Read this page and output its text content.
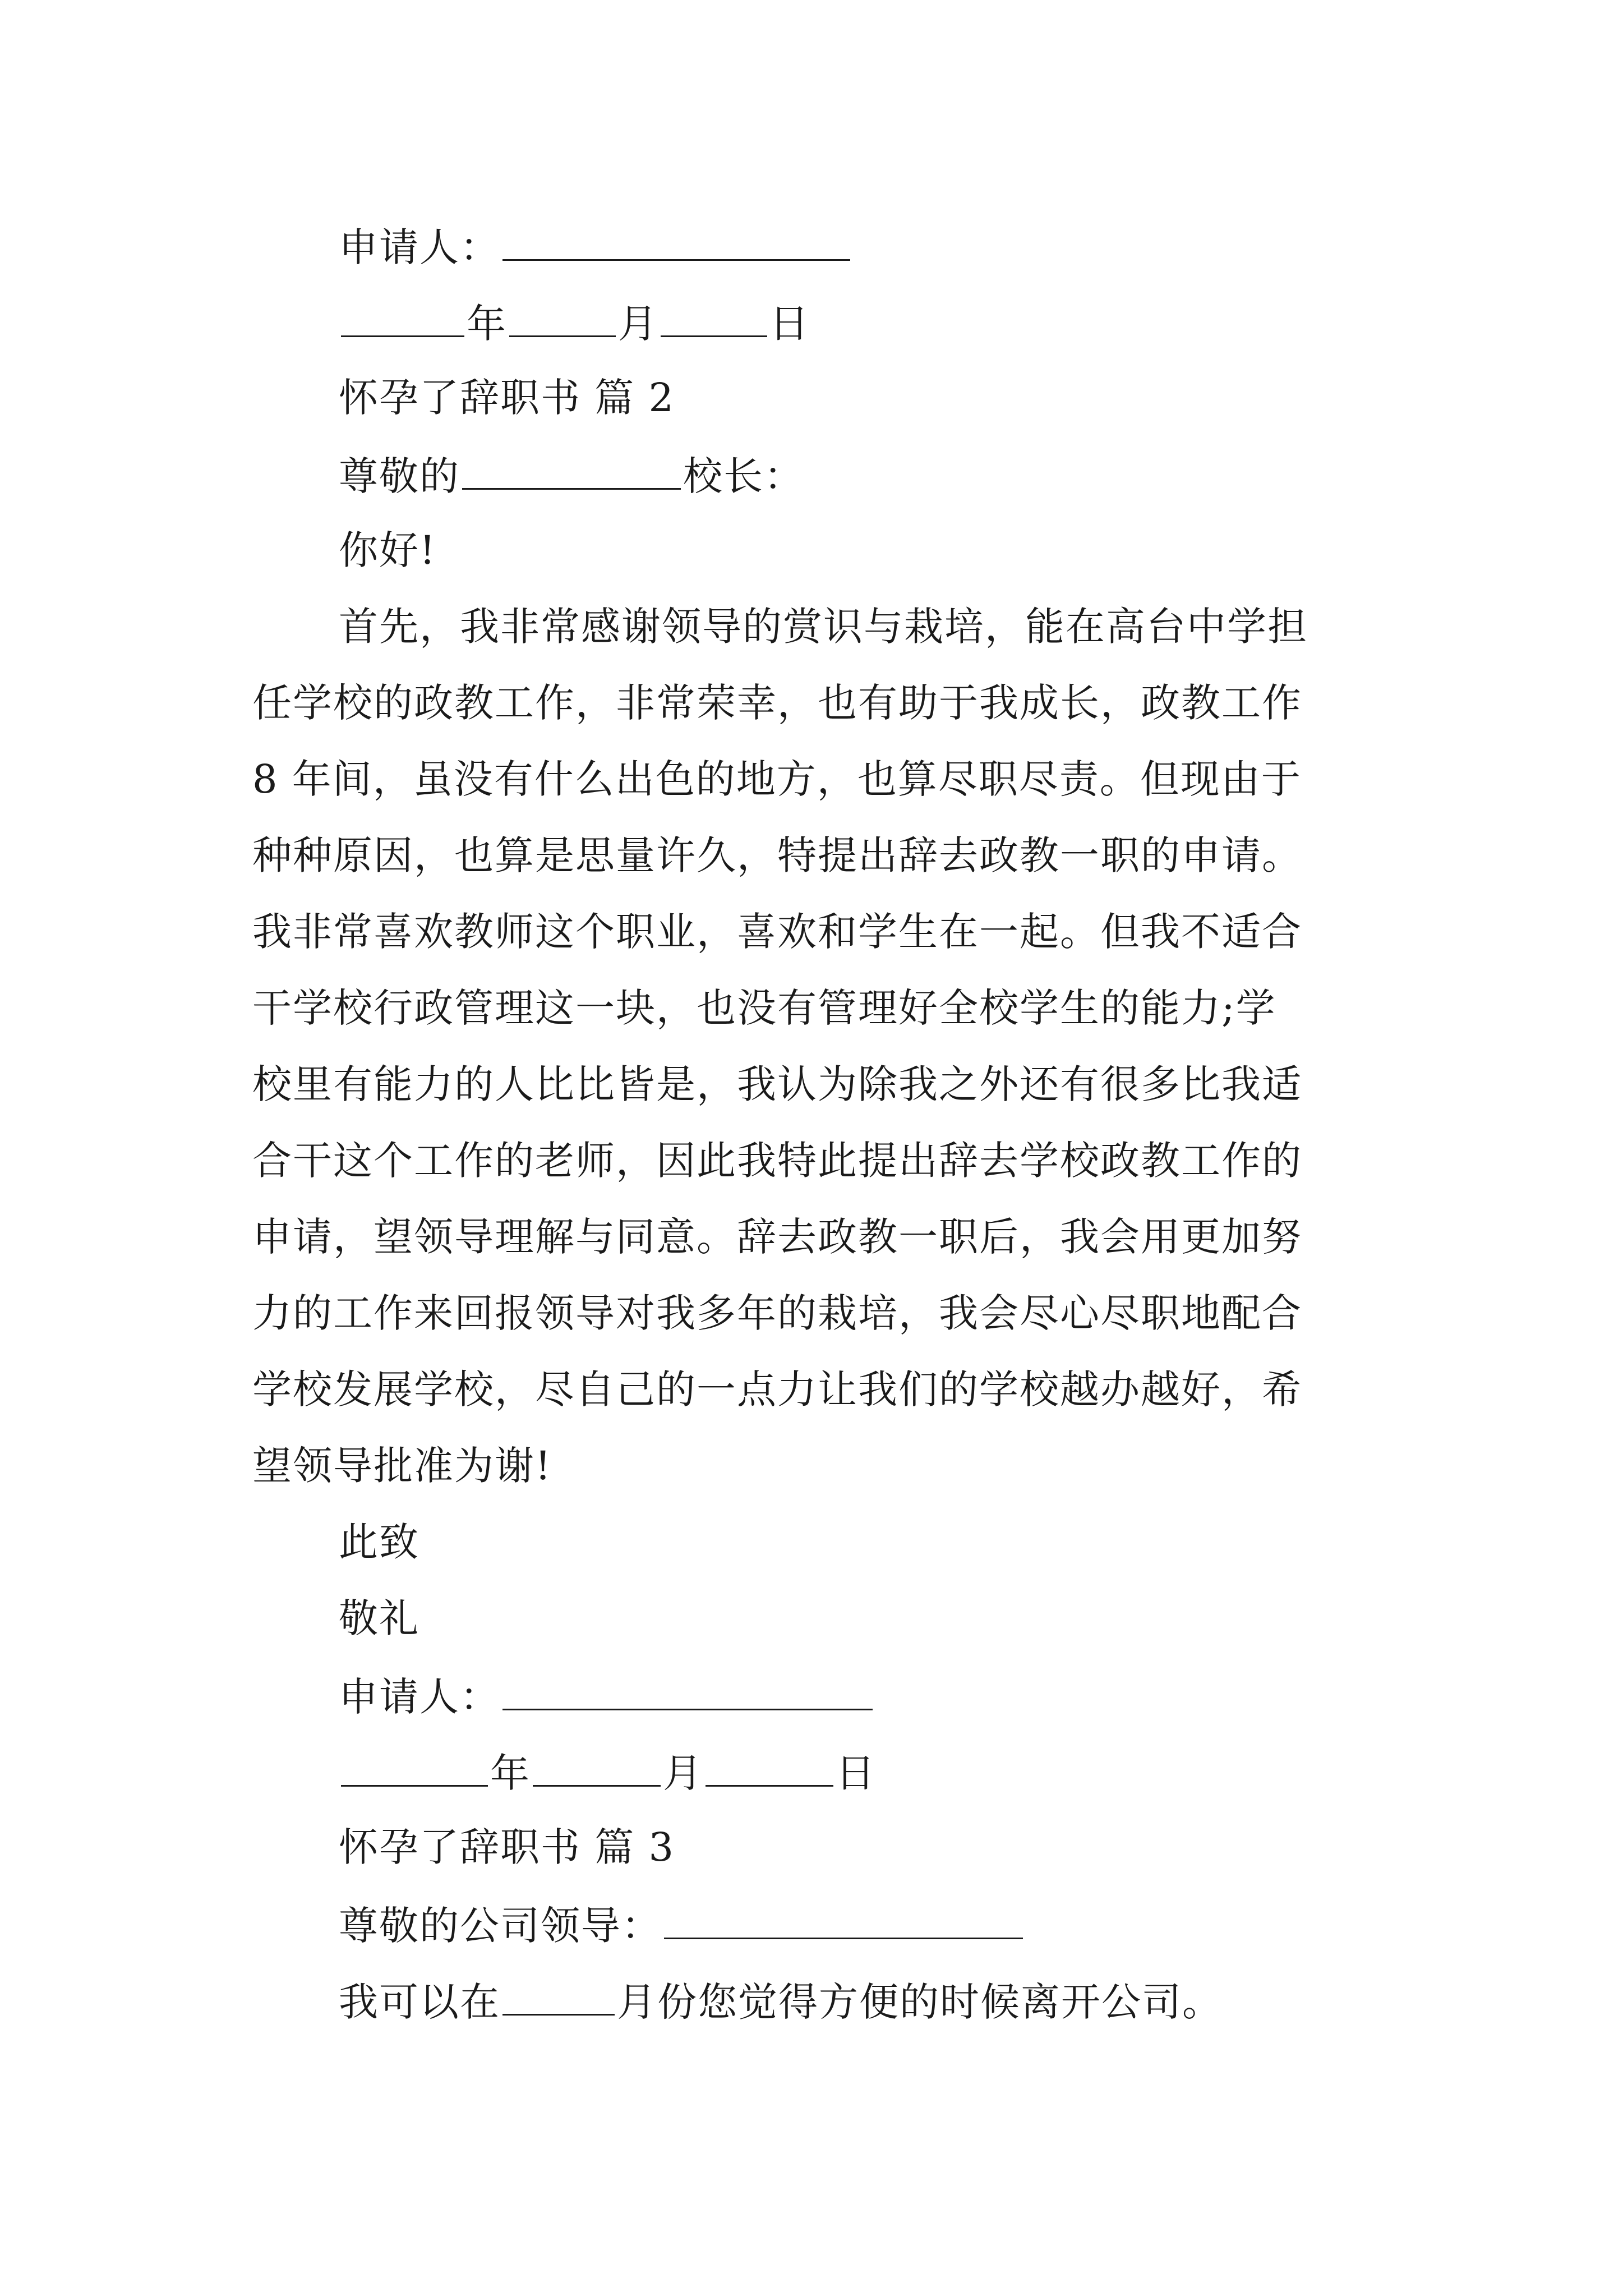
申请人：
年	月	日
怀孕了辞职书 篇 2
尊敬的	校长：
你好!
首先，我非常感谢领导的赏识与栽培，能在高台中学担
任学校的政教工作，非常荣幸，也有助于我成长，政教工作
8 年间，虽没有什么出色的地方，也算尽职尽责。但现由于
种种原因，也算是思量许久，特提出辞去政教一职的申请。
我非常喜欢教师这个职业，喜欢和学生在一起。但我不适合
干学校行政管理这一块，也没有管理好全校学生的能力;学
校里有能力的人比比皆是，我认为除我之外还有很多比我适
合干这个工作的老师，因此我特此提出辞去学校政教工作的
申请，望领导理解与同意。辞去政教一职后，我会用更加努
力的工作来回报领导对我多年的栽培，我会尽心尽职地配合
学校发展学校，尽自己的一点力让我们的学校越办越好，希
望领导批准为谢!
此致
敬礼
申请人：
年	月	日
怀孕了辞职书 篇 3
尊敬的公司领导：
我可以在	月份您觉得方便的时候离开公司。
